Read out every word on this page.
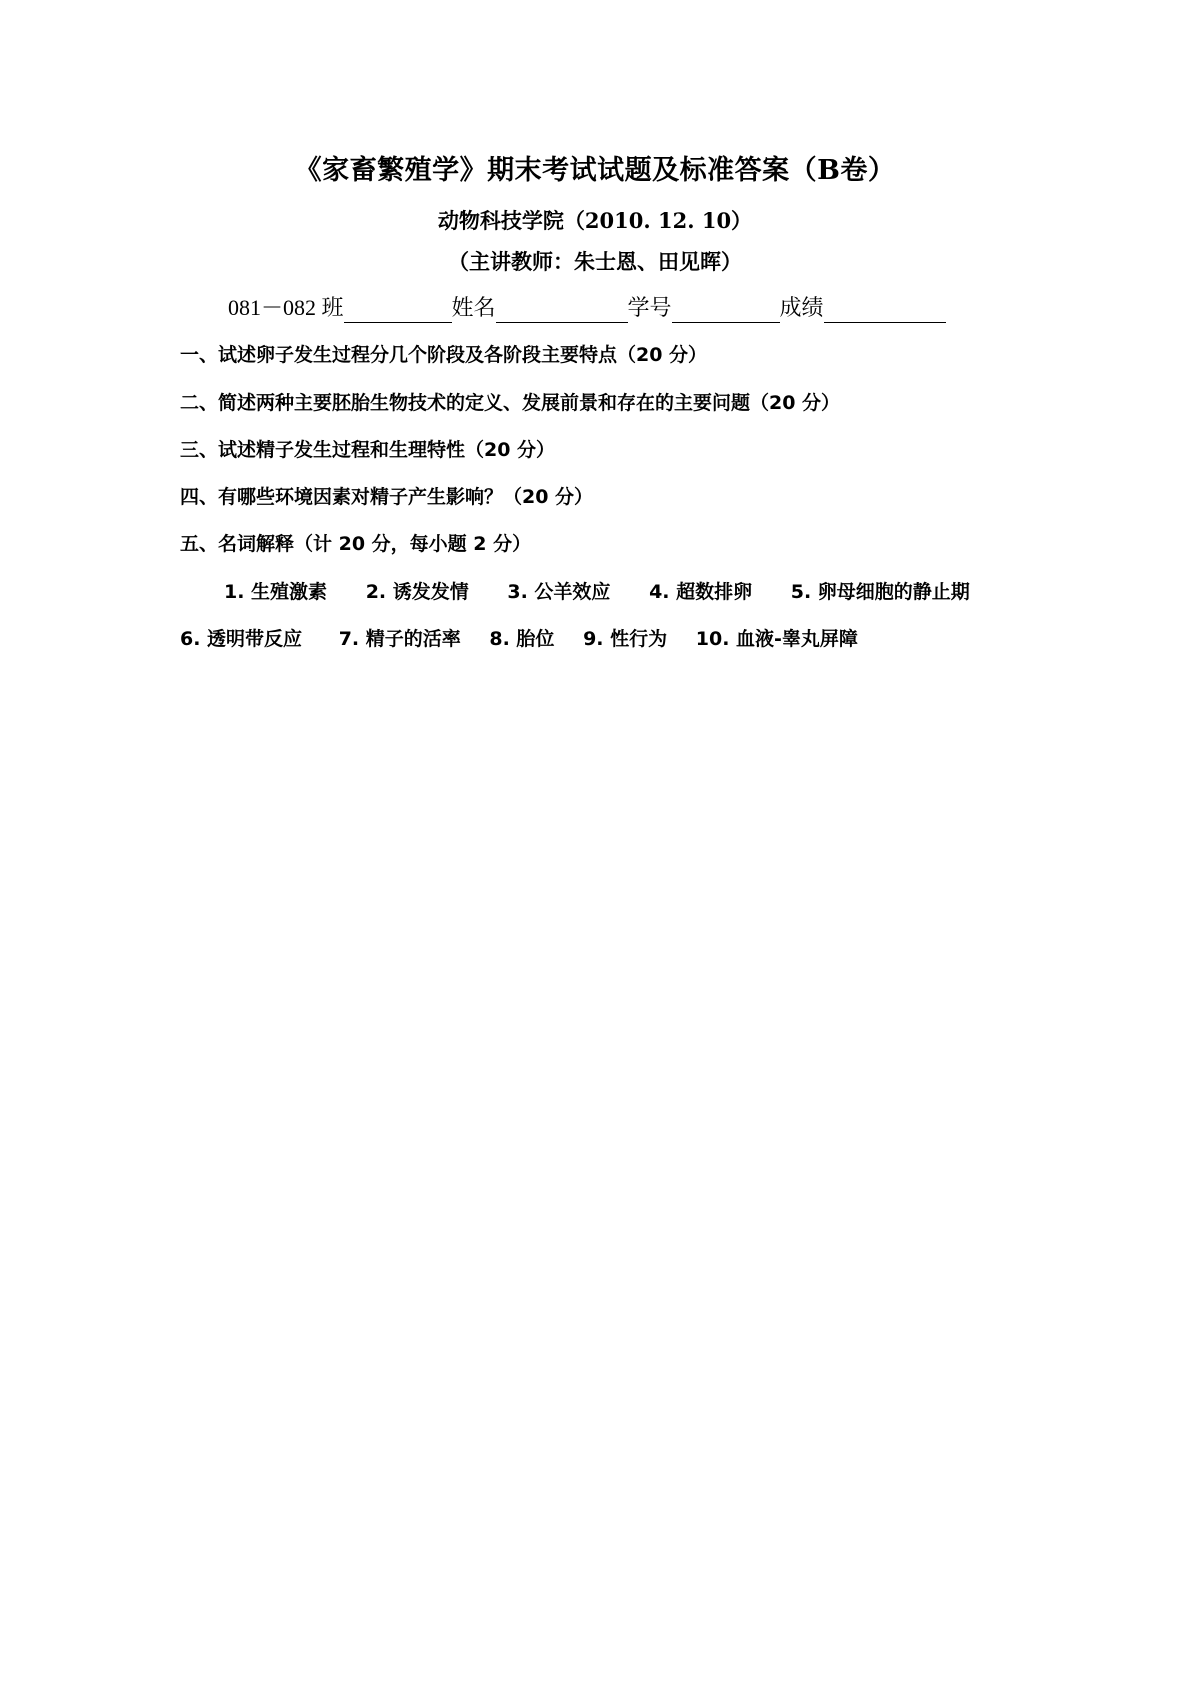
《家畜繁殖学》期末考试试题及标准答案（B卷）
动物科技学院（2010. 12. 10）
（主讲教师：朱士恩、田见晖）
081－082 班	姓名	学号	成绩
一、试述卵子发生过程分几个阶段及各阶段主要特点（20 分）
二、简述两种主要胚胎生物技术的定义、发展前景和存在的主要问题（20 分）
三、试述精子发生过程和生理特性（20 分）
四、有哪些环境因素对精子产生影响？（20 分）
五、名词解释（计 20 分，每小题 2 分）
1. 生殖激素 2. 诱发发情 3. 公羊效应 4. 超数排卵 5. 卵母细胞的静止期
6. 透明带反应 7. 精子的活率 8. 胎位 9. 性行为 10. 血液-睾丸屏障
